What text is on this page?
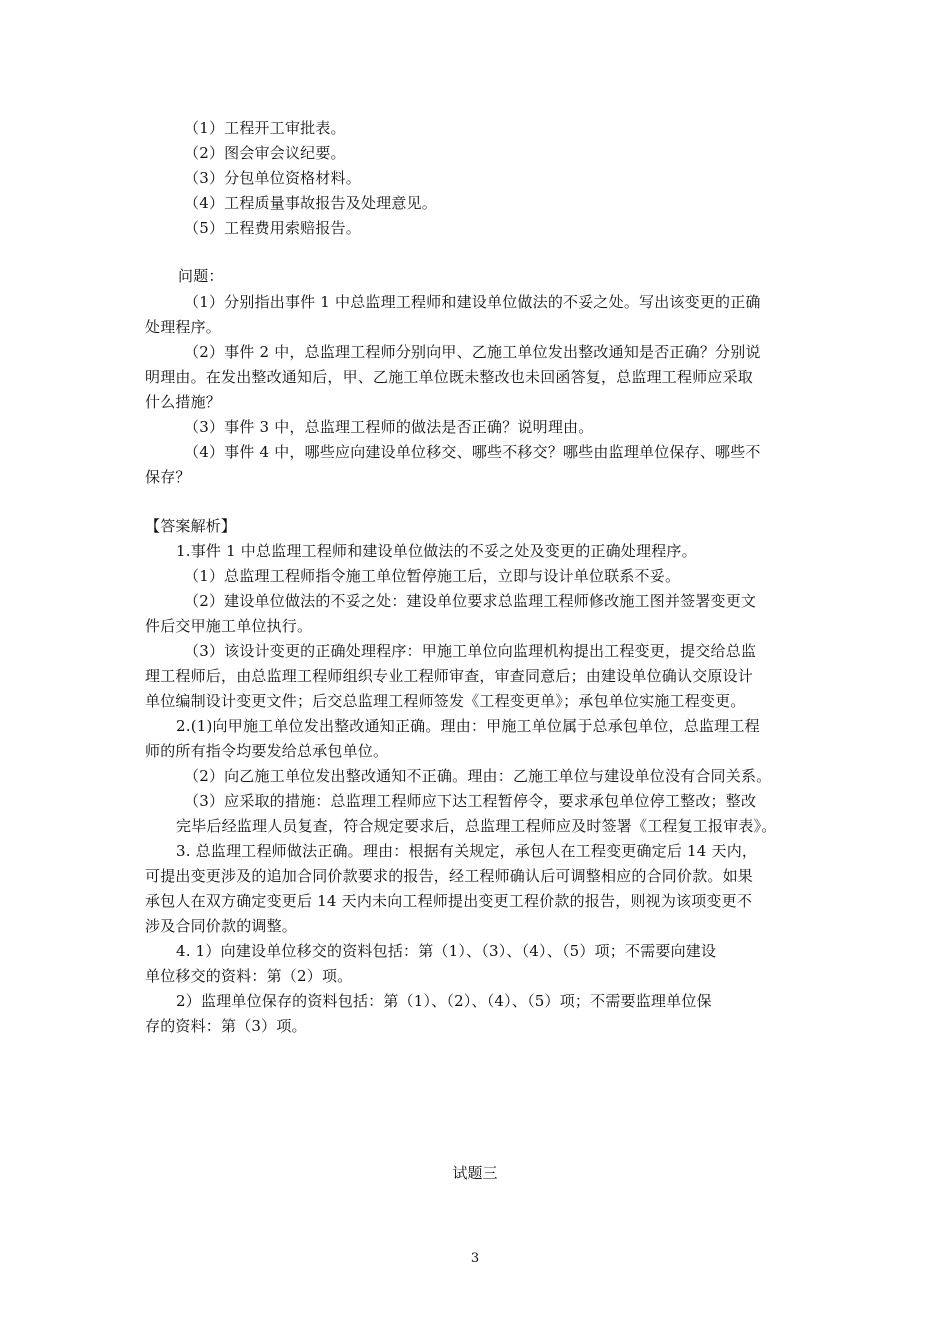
（1）工程开工审批表。
（2）图会审会议纪要。
（3）分包单位资格材料。
（4）工程质量事故报告及处理意见。
（5）工程费用索赔报告。
问题：
（1）分别指出事件 1 中总监理工程师和建设单位做法的不妥之处。写出该变更的正确
处理程序。
（2）事件 2 中，总监理工程师分别向甲、乙施工单位发出整改通知是否正确？分别说
明理由。在发出整改通知后，甲、乙施工单位既未整改也未回函答复，总监理工程师应采取
什么措施？
（3）事件 3 中，总监理工程师的做法是否正确？说明理由。
（4）事件 4 中，哪些应向建设单位移交、哪些不移交？哪些由监理单位保存、哪些不
保存？
【答案解析】
1.事件 1 中总监理工程师和建设单位做法的不妥之处及变更的正确处理程序。
（1）总监理工程师指令施工单位暂停施工后，立即与设计单位联系不妥。
（2）建设单位做法的不妥之处：建设单位要求总监理工程师修改施工图并签署变更文
件后交甲施工单位执行。
（3）该设计变更的正确处理程序：甲施工单位向监理机构提出工程变更，提交给总监
理工程师后，由总监理工程师组织专业工程师审查，审查同意后；由建设单位确认交原设计
单位编制设计变更文件；后交总监理工程师签发《工程变更单》；承包单位实施工程变更。
2.(1)向甲施工单位发出整改通知正确。理由：甲施工单位属于总承包单位，总监理工程
师的所有指令均要发给总承包单位。
（2）向乙施工单位发出整改通知不正确。理由：乙施工单位与建设单位没有合同关系。
（3）应采取的措施：总监理工程师应下达工程暂停令，要求承包单位停工整改；整改
完毕后经监理人员复查，符合规定要求后，总监理工程师应及时签署《工程复工报审表》。
3. 总监理工程师做法正确。理由：根据有关规定，承包人在工程变更确定后 14 天内，
可提出变更涉及的追加合同价款要求的报告，经工程师确认后可调整相应的合同价款。如果
承包人在双方确定变更后 14 天内未向工程师提出变更工程价款的报告，则视为该项变更不
涉及合同价款的调整。
4. 1）向建设单位移交的资料包括：第（1）、（3）、（4）、（5）项；不需要向建设
单位移交的资料：第（2）项。
2）监理单位保存的资料包括：第（1）、（2）、（4）、（5）项；不需要监理单位保
存的资料：第（3）项。
试题三
3
